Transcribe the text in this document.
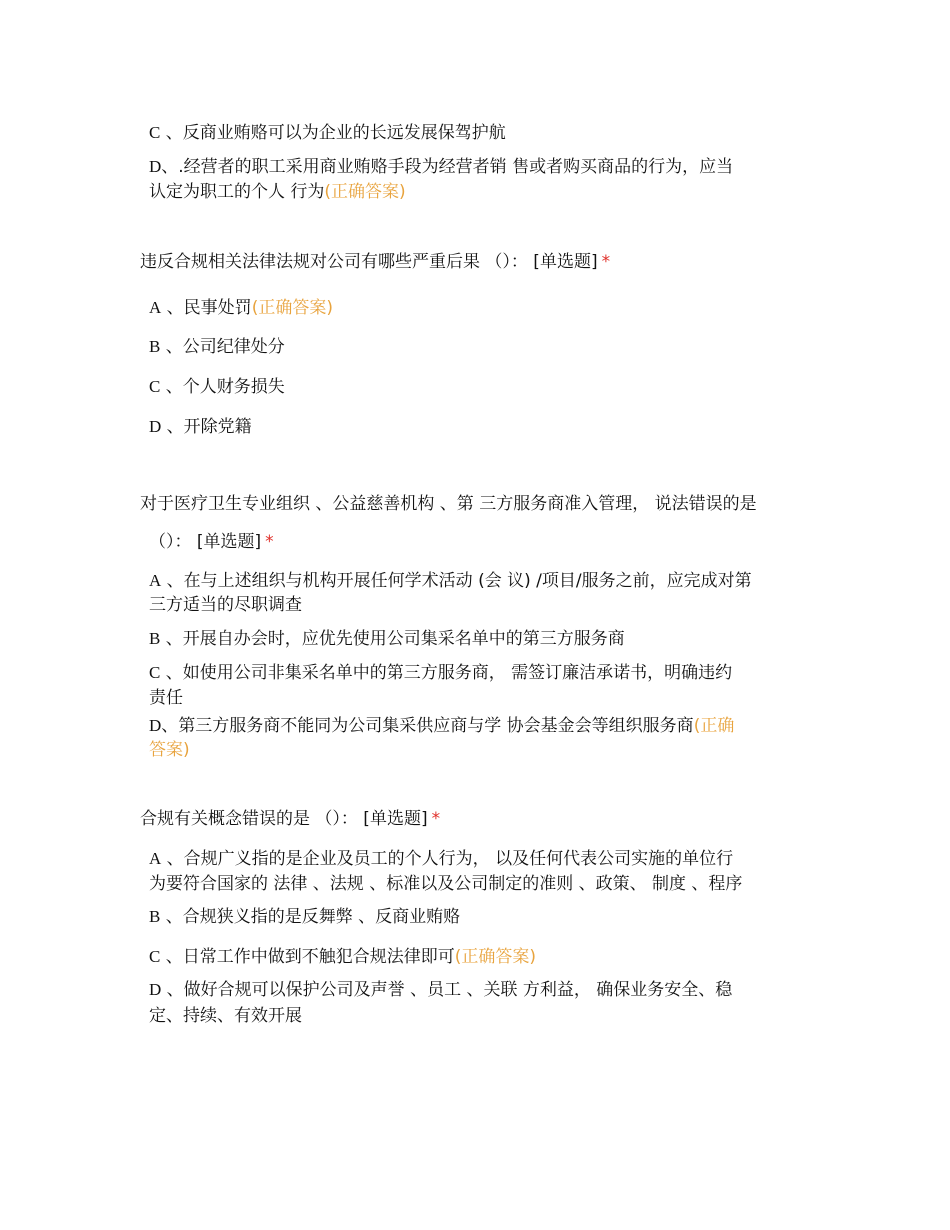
C 、反商业贿赂可以为企业的长远发展保驾护航
D、.经营者的职工采用商业贿赂手段为经营者销 售或者购买商品的行为，应当
认定为职工的个人 行为(正确答案)
违反合规相关法律法规对公司有哪些严重后果 （）： [单选题] *
A 、民事处罚(正确答案)
B 、公司纪律处分
C 、个人财务损失
D 、开除党籍
对于医疗卫生专业组织 、公益慈善机构 、第 三方服务商准入管理， 说法错误的是
（）： [单选题] *
A 、在与上述组织与机构开展任何学术活动 (会 议) /项目/服务之前，应完成对第
三方适当的尽职调查
B 、开展自办会时，应优先使用公司集采名单中的第三方服务商
C 、如使用公司非集采名单中的第三方服务商， 需签订廉洁承诺书，明确违约
责任
D、第三方服务商不能同为公司集采供应商与学 协会基金会等组织服务商(正确
答案)
合规有关概念错误的是 （）： [单选题] *
A 、合规广义指的是企业及员工的个人行为， 以及任何代表公司实施的单位行
为要符合国家的 法律 、法规 、标准以及公司制定的准则 、政策、 制度 、程序
B 、合规狭义指的是反舞弊 、反商业贿赂
C 、日常工作中做到不触犯合规法律即可(正确答案)
D 、做好合规可以保护公司及声誉 、员工 、关联 方利益， 确保业务安全、稳
定、持续、有效开展
